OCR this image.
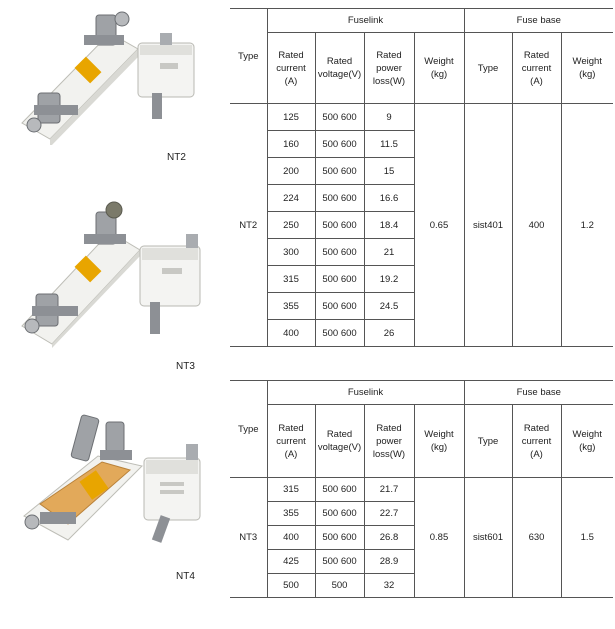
NT2
NT3
NT4
Type	Fuselink				Fuse base		
	Rated
current
(A)	Rated
voltage(V)	Rated
power
loss(W)	Weight
(kg)	Type	Rated
current
(A)	Weight
(kg)
NT2	125	500 600	9	0.65	sist401	400	1.2
	160	500 600	11.5				
	200	500 600	15				
	224	500 600	16.6				
	250	500 600	18.4				
	300	500 600	21				
	315	500 600	19.2				
	355	500 600	24.5				
	400	500 600	26				
Type	Fuselink				Fuse base		
	Rated
current
(A)	Rated
voltage(V)	Rated
power
loss(W)	Weight
(kg)	Type	Rated
current
(A)	Weight
(kg)
NT3	315	500 600	21.7	0.85	sist601	630	1.5
	355	500 600	22.7				
	400	500 600	26.8				
	425	500 600	28.9				
	500	500	32				
